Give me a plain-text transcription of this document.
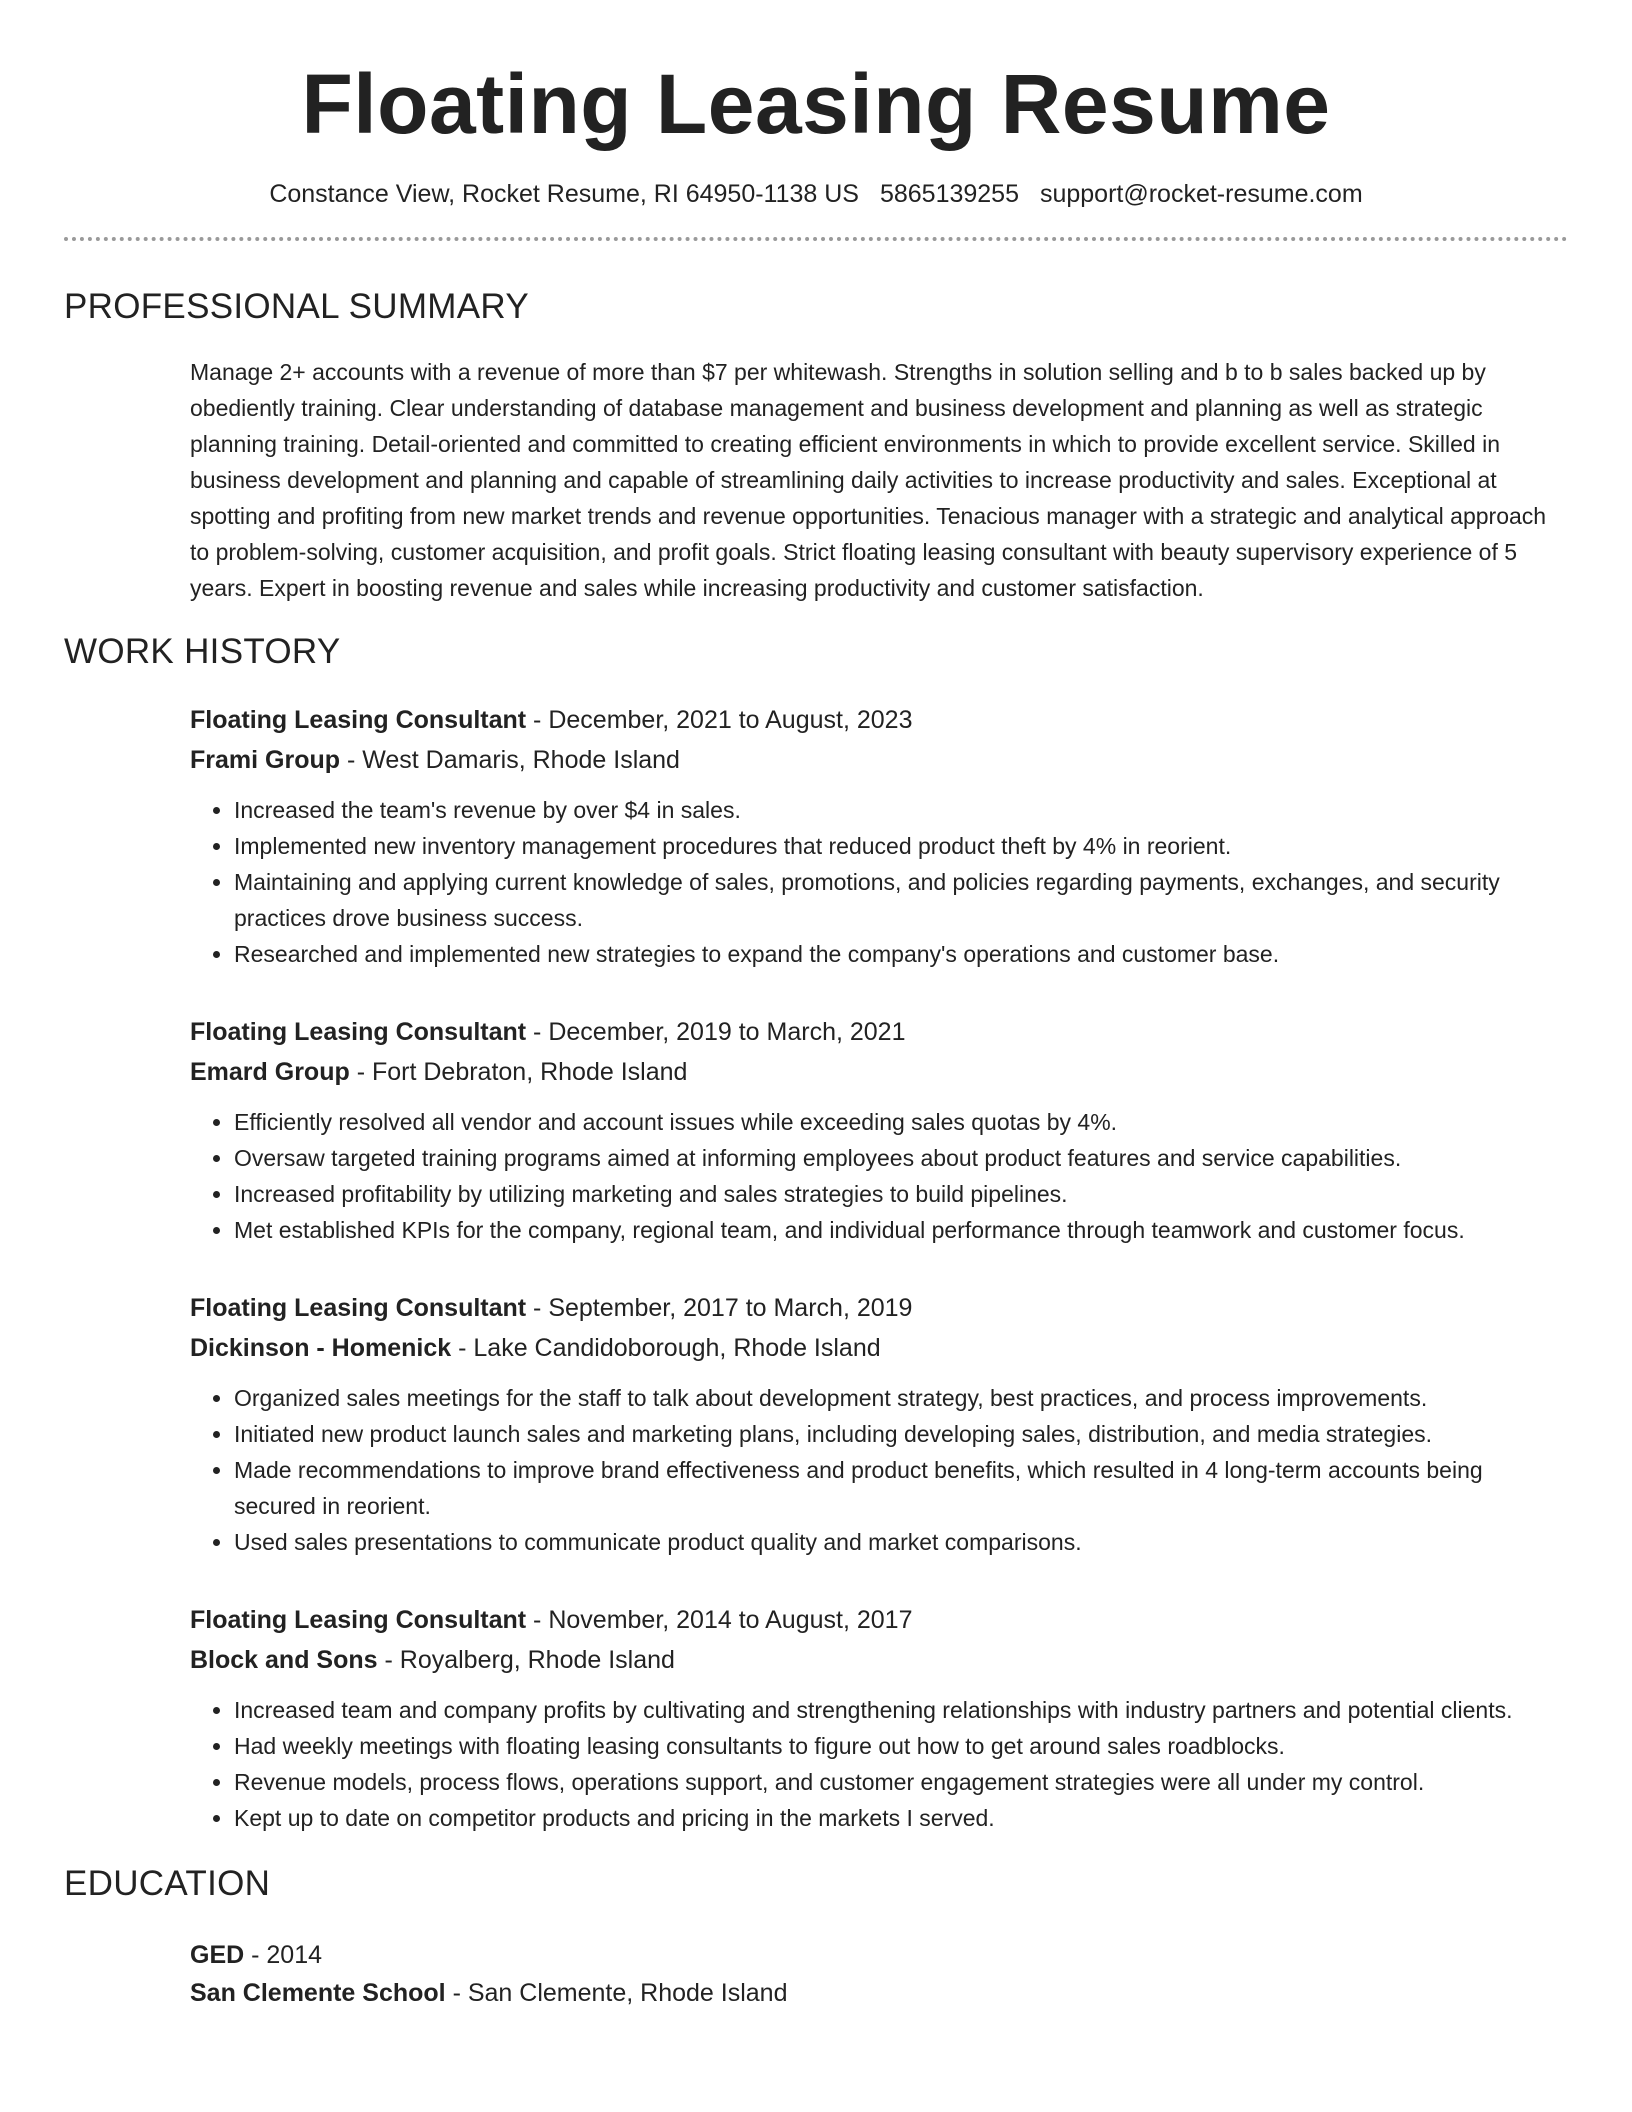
Floating Leasing Resume
Constance View, Rocket Resume, RI 64950-1138 US 5865139255 support@rocket-resume.com
PROFESSIONAL SUMMARY

Manage 2+ accounts with a revenue of more than $7 per whitewash. Strengths in solution selling and b to b sales backed up by obediently training. Clear understanding of database management and business development and planning as well as strategic planning training. Detail-oriented and committed to creating efficient environments in which to provide excellent service. Skilled in business development and planning and capable of streamlining daily activities to increase productivity and sales. Exceptional at spotting and profiting from new market trends and revenue opportunities. Tenacious manager with a strategic and analytical approach to problem-solving, customer acquisition, and profit goals. Strict floating leasing consultant with beauty supervisory experience of 5 years. Expert in boosting revenue and sales while increasing productivity and customer satisfaction.

WORK HISTORY
Floating Leasing Consultant - December, 2021 to August, 2023
Frami Group - West Damaris, Rhode Island
• Increased the team's revenue by over $4 in sales.
• Implemented new inventory management procedures that reduced product theft by 4% in reorient.
• Maintaining and applying current knowledge of sales, promotions, and policies regarding payments, exchanges, and security practices drove business success.
• Researched and implemented new strategies to expand the company's operations and customer base.
Floating Leasing Consultant - December, 2019 to March, 2021
Emard Group - Fort Debraton, Rhode Island
• Efficiently resolved all vendor and account issues while exceeding sales quotas by 4%.
• Oversaw targeted training programs aimed at informing employees about product features and service capabilities.
• Increased profitability by utilizing marketing and sales strategies to build pipelines.
• Met established KPIs for the company, regional team, and individual performance through teamwork and customer focus.
Floating Leasing Consultant - September, 2017 to March, 2019
Dickinson - Homenick - Lake Candidoborough, Rhode Island
• Organized sales meetings for the staff to talk about development strategy, best practices, and process improvements.
• Initiated new product launch sales and marketing plans, including developing sales, distribution, and media strategies.
• Made recommendations to improve brand effectiveness and product benefits, which resulted in 4 long-term accounts being secured in reorient.
• Used sales presentations to communicate product quality and market comparisons.
Floating Leasing Consultant - November, 2014 to August, 2017
Block and Sons - Royalberg, Rhode Island
• Increased team and company profits by cultivating and strengthening relationships with industry partners and potential clients.
• Had weekly meetings with floating leasing consultants to figure out how to get around sales roadblocks.
• Revenue models, process flows, operations support, and customer engagement strategies were all under my control.
• Kept up to date on competitor products and pricing in the markets I served.
EDUCATION
GED - 2014
San Clemente School - San Clemente, Rhode Island
